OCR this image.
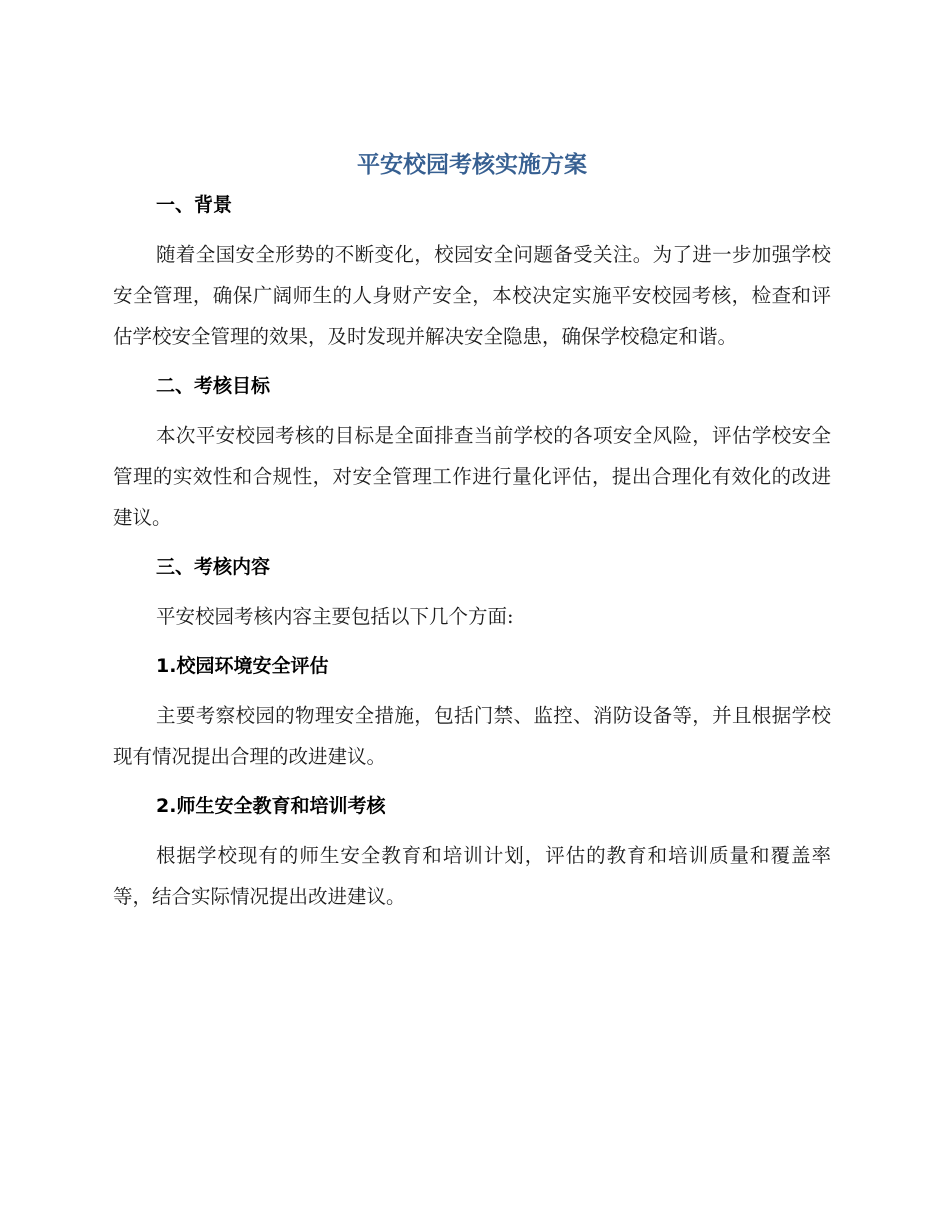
平安校园考核实施方案
一、背景

随着全国安全形势的不断变化，校园安全问题备受关注。为了进一步加强学校安全管理，确保广阔师生的人身财产安全，本校决定实施平安校园考核，检查和评估学校安全管理的效果，及时发现并解决安全隐患，确保学校稳定和谐。

二、考核目标

本次平安校园考核的目标是全面排查当前学校的各项安全风险，评估学校安全管理的实效性和合规性，对安全管理工作进行量化评估，提出合理化有效化的改进建议。

三、考核内容

平安校园考核内容主要包括以下几个方面:

1.校园环境安全评估

主要考察校园的物理安全措施，包括门禁、监控、消防设备等，并且根据学校现有情况提出合理的改进建议。

2.师生安全教育和培训考核

根据学校现有的师生安全教育和培训计划，评估的教育和培训质量和覆盖率等，结合实际情况提出改进建议。
